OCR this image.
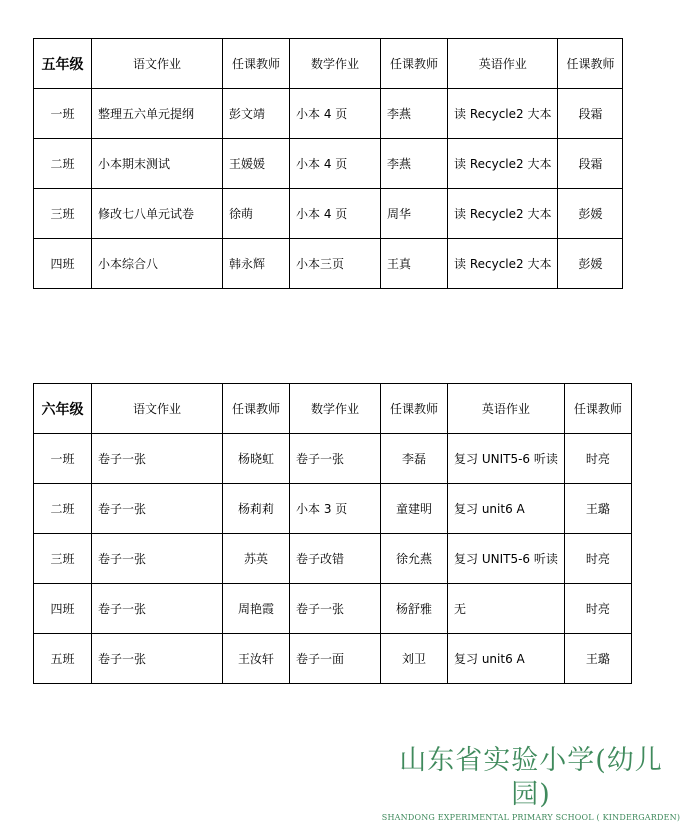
五年级	语文作业	任课教师	数学作业	任课教师	英语作业	任课教师
一班	整理五六单元提纲	彭文靖	小本 4 页	李燕	读 Recycle2 大本	段霜
二班	小本期末测试	王媛媛	小本 4 页	李燕	读 Recycle2 大本	段霜
三班	修改七八单元试卷	徐萌	小本 4 页	周华	读 Recycle2 大本	彭媛
四班	小本综合八	韩永辉	小本三页	王真	读 Recycle2 大本	彭媛
六年级	语文作业	任课教师	数学作业	任课教师	英语作业	任课教师
一班	卷子一张	杨晓虹	卷子一张	李磊	复习 UNIT5-6 听读	时亮
二班	卷子一张	杨莉莉	小本 3 页	童建明	复习 unit6 A	王璐
三班	卷子一张	苏英	卷子改错	徐允燕	复习 UNIT5-6 听读	时亮
四班	卷子一张	周艳霞	卷子一张	杨舒雅	无	时亮
五班	卷子一张	王汝轩	卷子一面	刘卫	复习 unit6 A	王璐
山东省实验小学(幼儿园)
SHANDONG EXPERIMENTAL PRIMARY SCHOOL ( KINDERGARDEN)
